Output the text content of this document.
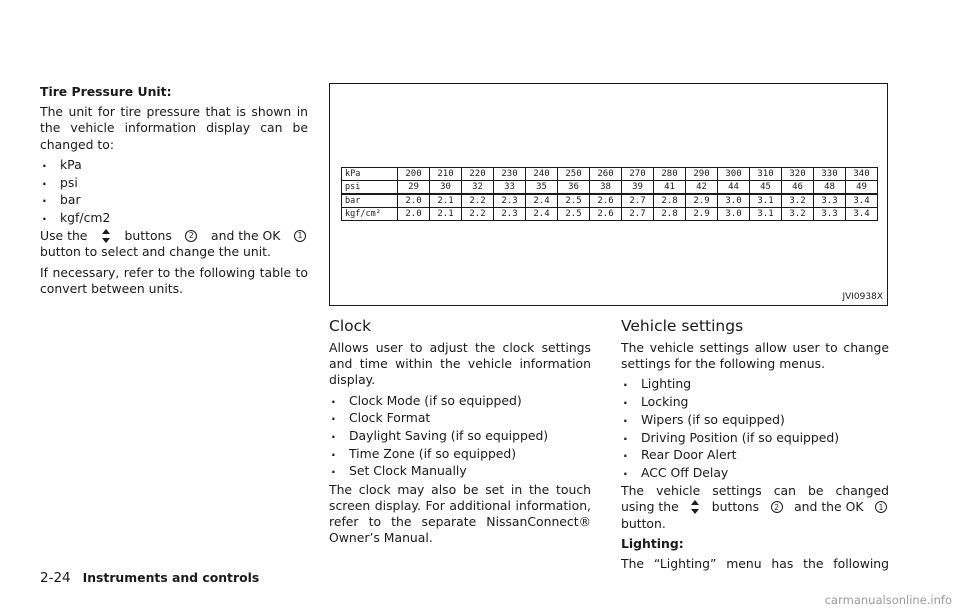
Tire Pressure Unit:

The unit for tire pressure that is shown in the vehicle information display can be changed to:

. kPa
. psi
. bar
. kgf/cm2
Use the	buttons	2 and the OK	1

button to select and change the unit.

If necessary, refer to the following table to convert between units.

kPa	200	210	220	230	240	250	260	270	280	290	300	310	320	330	340
psi	29	30	32	33	35	36	38	39	41	42	44	45	46	48	49
bar	2.0	2.1	2.2	2.3	2.4	2.5	2.6	2.7	2.8	2.9	3.0	3.1	3.2	3.3	3.4
kgf/cm²	2.0	2.1	2.2	2.3	2.4	2.5	2.6	2.7	2.8	2.9	3.0	3.1	3.2	3.3	3.4
JVI0938X
Clock

Allows user to adjust the clock settings and time within the vehicle information display.

. Clock Mode (if so equipped)
. Clock Format
. Daylight Saving (if so equipped)
. Time Zone (if so equipped)
. Set Clock Manually

The clock may also be set in the touch screen display. For additional information, refer to the separate NissanConnect® Owner’s Manual.

Vehicle settings

The vehicle settings allow user to change settings for the following menus.

. Lighting
. Locking
. Wipers (if so equipped)
. Driving Position (if so equipped)
. Rear Door Alert
. ACC Off Delay
The vehicle settings can be changed
using the	buttons	2 and the OK	1

button.

Lighting:

The “Lighting” menu has the following
2-24 Instruments and controls
carmanualsonline.info
